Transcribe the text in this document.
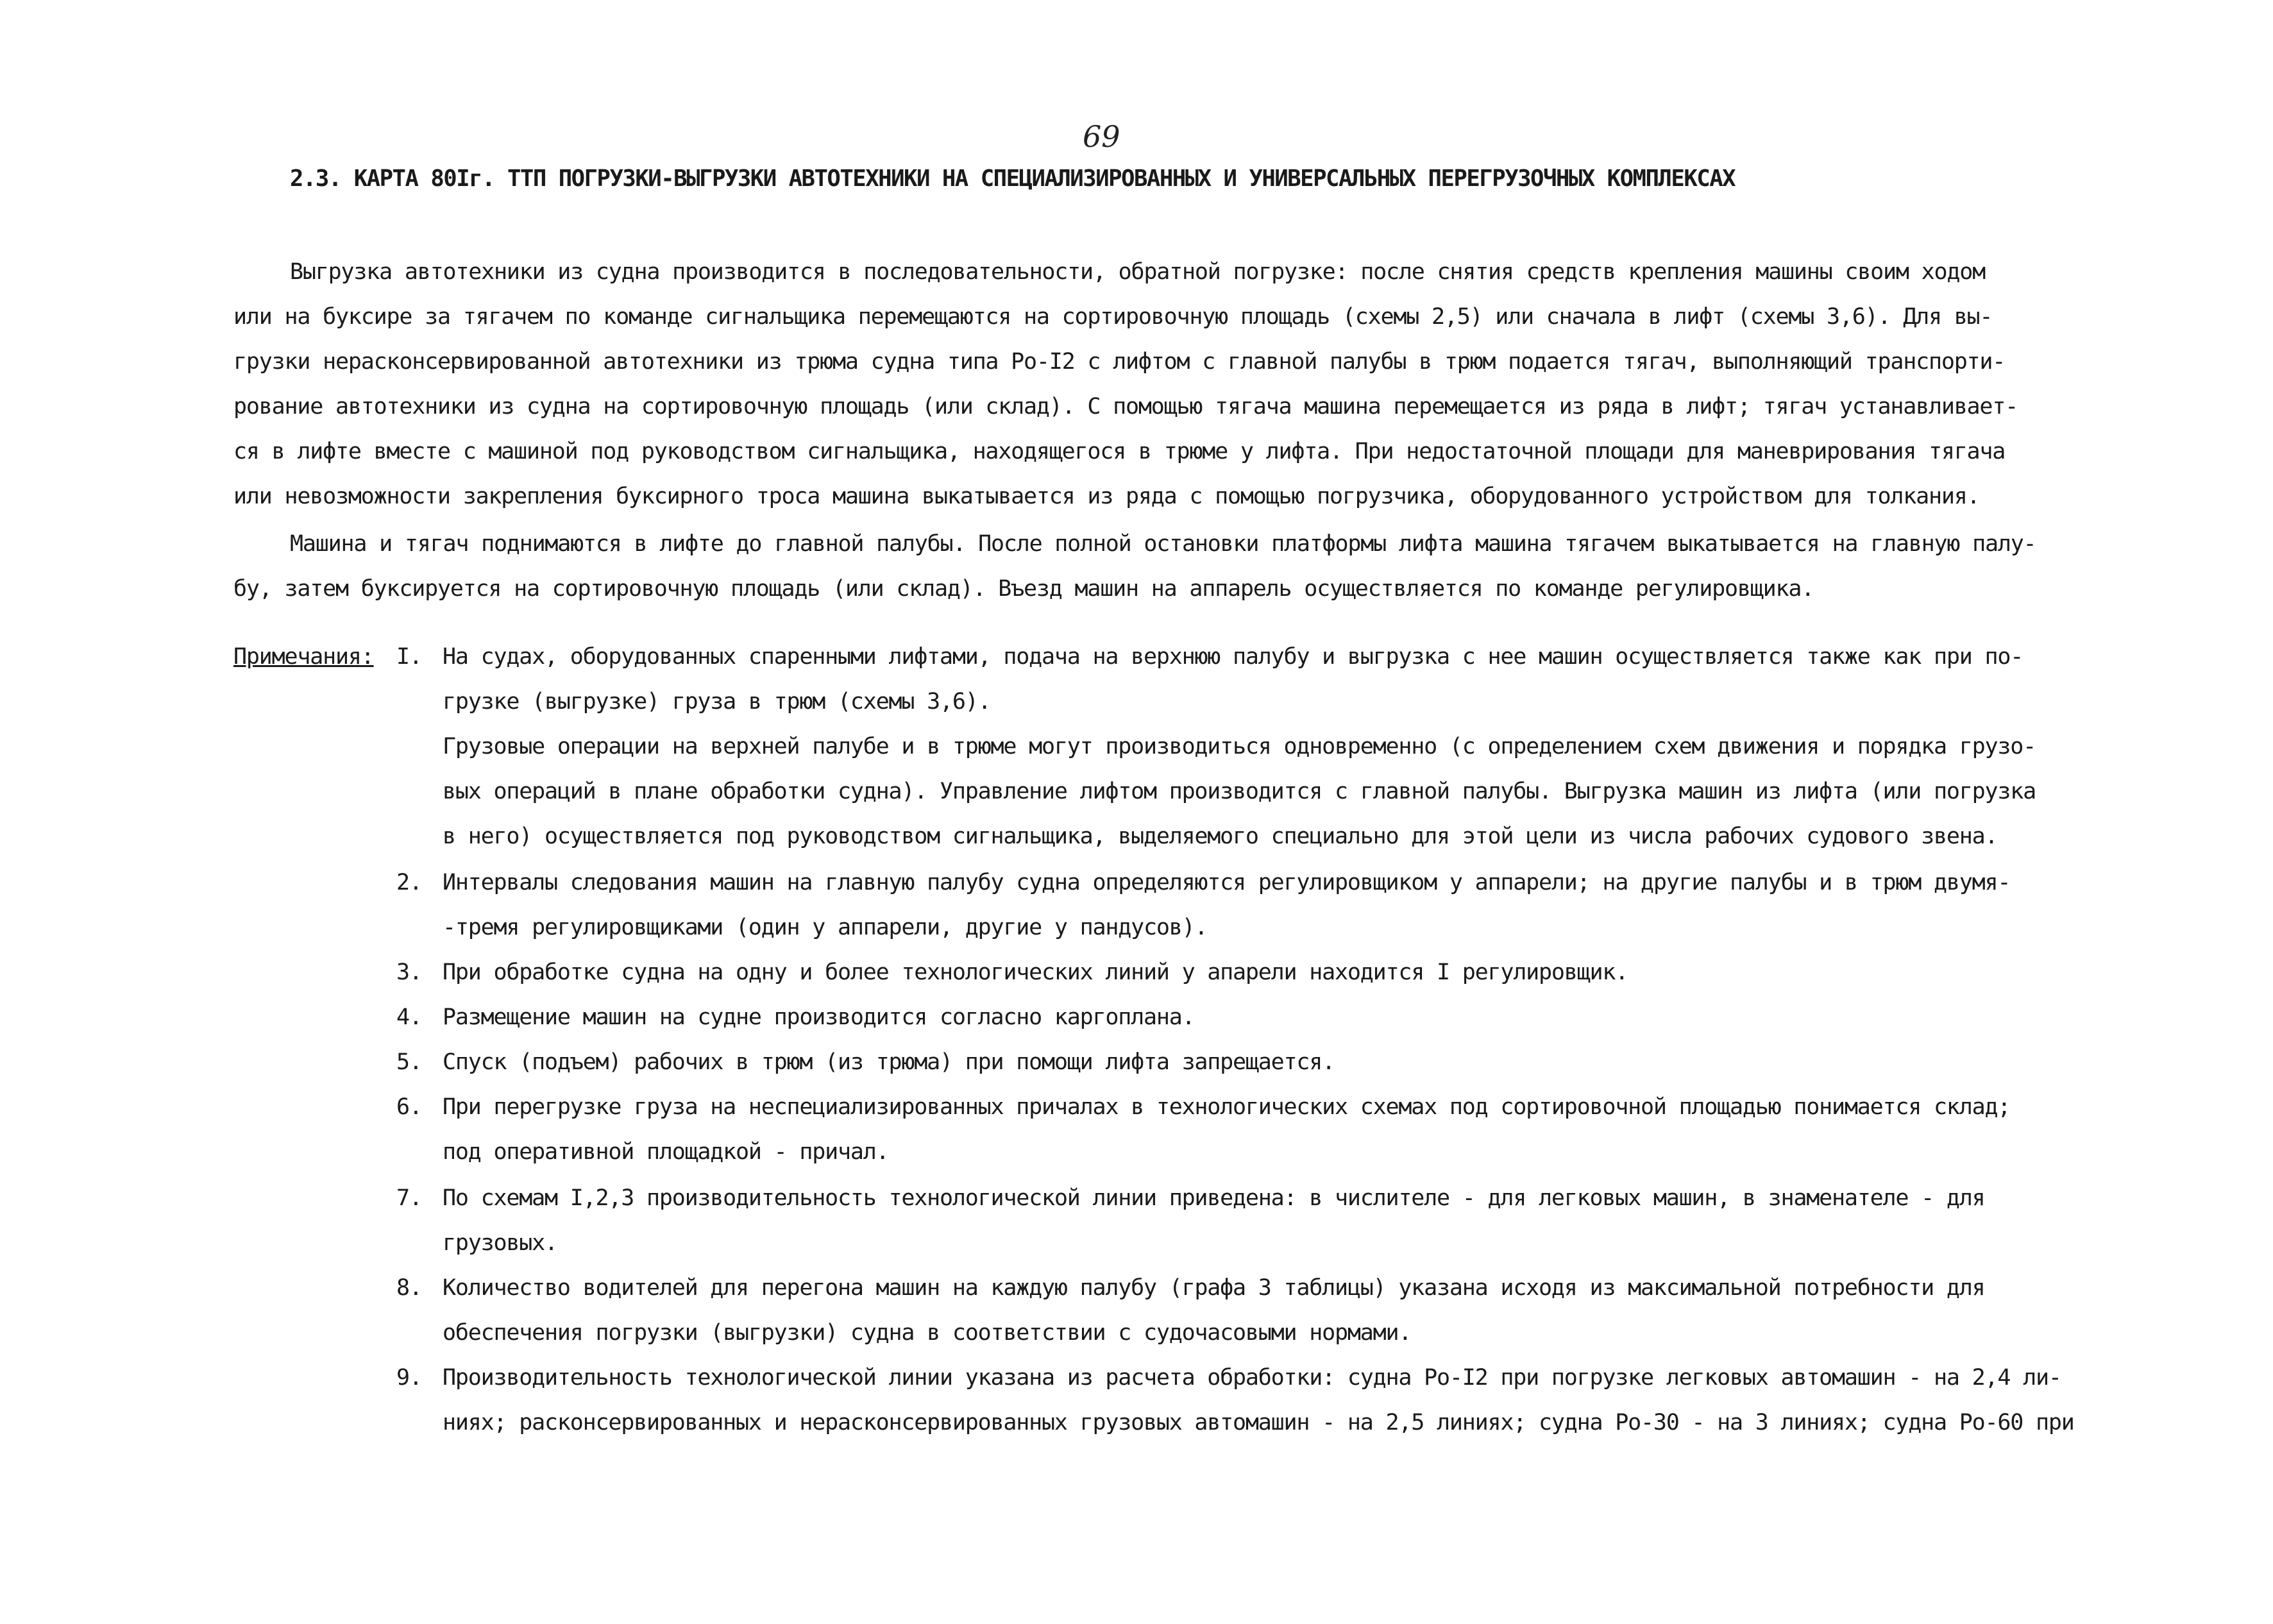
69
2.3. КАРТА 80Iг. ТТП ПОГРУЗКИ-ВЫГРУЗКИ АВТОТЕХНИКИ НА СПЕЦИАЛИЗИРОВАННЫХ И УНИВЕРСАЛЬНЫХ ПЕРЕГРУЗОЧНЫХ КОМПЛЕКСАХ
Выгрузка автотехники из судна производится в последовательности, обратной погрузке: после снятия средств крепления машины своим ходом
или на буксире за тягачем по команде сигнальщика перемещаются на сортировочную площадь (схемы 2,5) или сначала в лифт (схемы 3,6). Для вы-
грузки нерасконсервированной автотехники из трюма судна типа Ро-I2 с лифтом с главной палубы в трюм подается тягач, выполняющий транспорти-
рование автотехники из судна на сортировочную площадь (или склад). С помощью тягача машина перемещается из ряда в лифт; тягач устанавливает-
ся в лифте вместе с машиной под руководством сигнальщика, находящегося в трюме у лифта. При недостаточной площади для маневрирования тягача
или невозможности закрепления буксирного троса машина выкатывается из ряда с помощью погрузчика, оборудованного устройством для толкания.
Машина и тягач поднимаются в лифте до главной палубы. После полной остановки платформы лифта машина тягачем выкатывается на главную палу-
бу, затем буксируется на сортировочную площадь (или склад). Въезд машин на аппарель осуществляется по команде регулировщика.
Примечания: I. На судах, оборудованных спаренными лифтами, подача на верхнюю палубу и выгрузка с нее машин осуществляется также как при по-
грузке (выгрузке) груза в трюм (схемы 3,6).
Грузовые операции на верхней палубе и в трюме могут производиться одновременно (с определением схем движения и порядка грузо-
вых операций в плане обработки судна). Управление лифтом производится с главной палубы. Выгрузка машин из лифта (или погрузка
в него) осуществляется под руководством сигнальщика, выделяемого специально для этой цели из числа рабочих судового звена.
2. Интервалы следования машин на главную палубу судна определяются регулировщиком у аппарели; на другие палубы и в трюм двумя-
-тремя регулировщиками (один у аппарели, другие у пандусов).
3. При обработке судна на одну и более технологических линий у апарели находится I регулировщик.
4. Размещение машин на судне производится согласно каргоплана.
5. Спуск (подъем) рабочих в трюм (из трюма) при помощи лифта запрещается.
6. При перегрузке груза на неспециализированных причалах в технологических схемах под сортировочной площадью понимается склад;
под оперативной площадкой - причал.
7. По схемам I,2,3 производительность технологической линии приведена: в числителе - для легковых машин, в знаменателе - для
грузовых.
8. Количество водителей для перегона машин на каждую палубу (графа 3 таблицы) указана исходя из максимальной потребности для
обеспечения погрузки (выгрузки) судна в соответствии с судочасовыми нормами.
9. Производительность технологической линии указана из расчета обработки: судна Ро-I2 при погрузке легковых автомашин - на 2,4 ли-
ниях; расконсервированных и нерасконсервированных грузовых автомашин - на 2,5 линиях; судна Ро-30 - на 3 линиях; судна Ро-60 при
